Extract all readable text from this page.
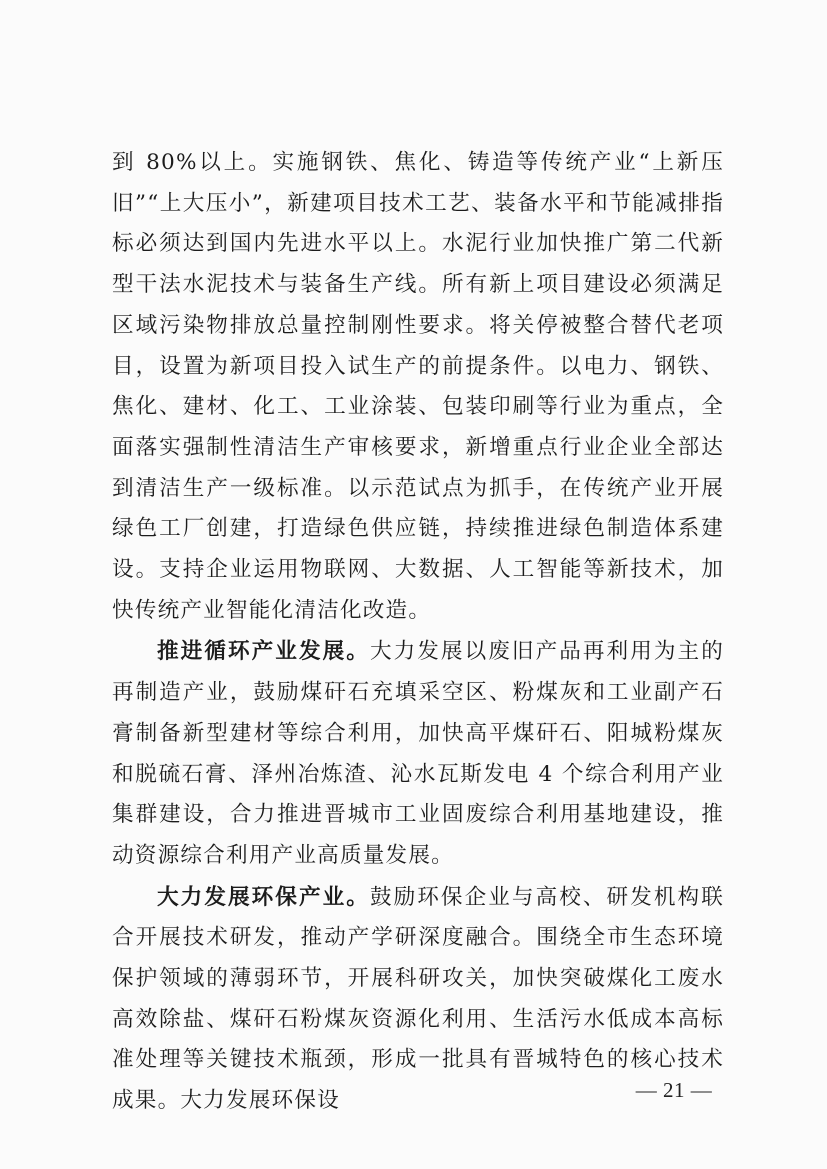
到 80%以上。实施钢铁、焦化、铸造等传统产业“上新压旧”“上大压小”，新建项目技术工艺、装备水平和节能减排指标必须达到国内先进水平以上。水泥行业加快推广第二代新型干法水泥技术与装备生产线。所有新上项目建设必须满足区域污染物排放总量控制刚性要求。将关停被整合替代老项目，设置为新项目投入试生产的前提条件。以电力、钢铁、焦化、建材、化工、工业涂装、包装印刷等行业为重点，全面落实强制性清洁生产审核要求，新增重点行业企业全部达到清洁生产一级标准。以示范试点为抓手，在传统产业开展绿色工厂创建，打造绿色供应链，持续推进绿色制造体系建设。支持企业运用物联网、大数据、人工智能等新技术，加快传统产业智能化清洁化改造。

推进循环产业发展。大力发展以废旧产品再利用为主的再制造产业，鼓励煤矸石充填采空区、粉煤灰和工业副产石膏制备新型建材等综合利用，加快高平煤矸石、阳城粉煤灰和脱硫石膏、泽州冶炼渣、沁水瓦斯发电 4 个综合利用产业集群建设，合力推进晋城市工业固废综合利用基地建设，推动资源综合利用产业高质量发展。

大力发展环保产业。鼓励环保企业与高校、研发机构联合开展技术研发，推动产学研深度融合。围绕全市生态环境保护领域的薄弱环节，开展科研攻关，加快突破煤化工废水高效除盐、煤矸石粉煤灰资源化利用、生活污水低成本高标准处理等关键技术瓶颈，形成一批具有晋城特色的核心技术成果。大力发展环保设	— 21 —
